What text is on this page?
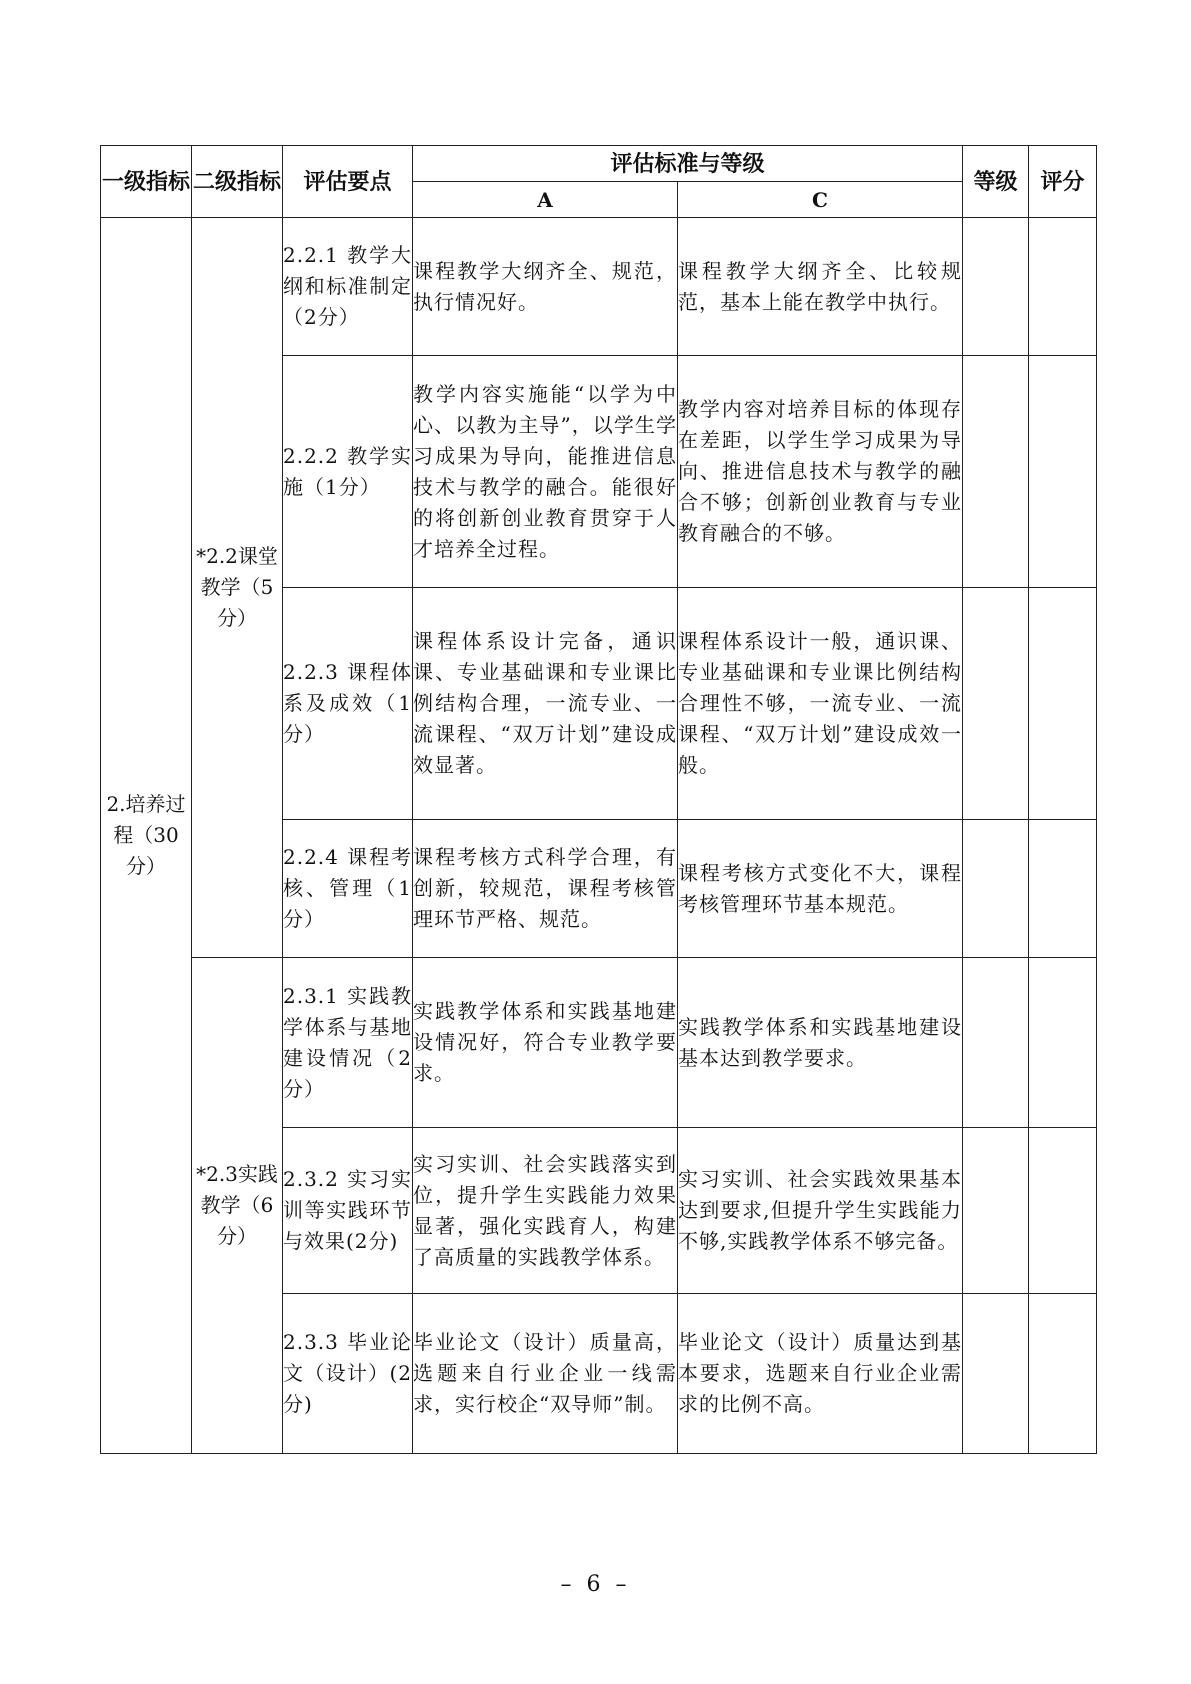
一级指标	二级指标	评估要点	评估标准与等级		等级	评分
			A	C		
2.培养过程（30分）	*2.2课堂教学（5分）	2.2.1 教学大纲和标准制定（2分）	课程教学大纲齐全、规范，执行情况好。	课程教学大纲齐全、比较规范，基本上能在教学中执行。		
		2.2.2 教学实施（1分）	教学内容实施能“以学为中心、以教为主导”，以学生学习成果为导向，能推进信息技术与教学的融合。能很好的将创新创业教育贯穿于人才培养全过程。	教学内容对培养目标的体现存在差距，以学生学习成果为导向、推进信息技术与教学的融合不够；创新创业教育与专业教育融合的不够。		
		2.2.3 课程体系及成效（1分）	课程体系设计完备，通识课、专业基础课和专业课比例结构合理，一流专业、一流课程、“双万计划”建设成效显著。	课程体系设计一般，通识课、专业基础课和专业课比例结构合理性不够，一流专业、一流课程、“双万计划”建设成效一般。		
		2.2.4 课程考核、管理（1分）	课程考核方式科学合理，有创新，较规范，课程考核管理环节严格、规范。	课程考核方式变化不大，课程考核管理环节基本规范。		
	*2.3实践教学（6分）	2.3.1 实践教学体系与基地建设情况（2分）	实践教学体系和实践基地建设情况好，符合专业教学要求。	实践教学体系和实践基地建设基本达到教学要求。		
		2.3.2 实习实训等实践环节与效果(2分)	实习实训、社会实践落实到位，提升学生实践能力效果显著，强化实践育人，构建了高质量的实践教学体系。	实习实训、社会实践效果基本达到要求,但提升学生实践能力不够,实践教学体系不够完备。		
		2.3.3 毕业论文（设计）(2分)	毕业论文（设计）质量高，选题来自行业企业一线需求，实行校企“双导师”制。	毕业论文（设计）质量达到基本要求，选题来自行业企业需求的比例不高。		
– 6 –
